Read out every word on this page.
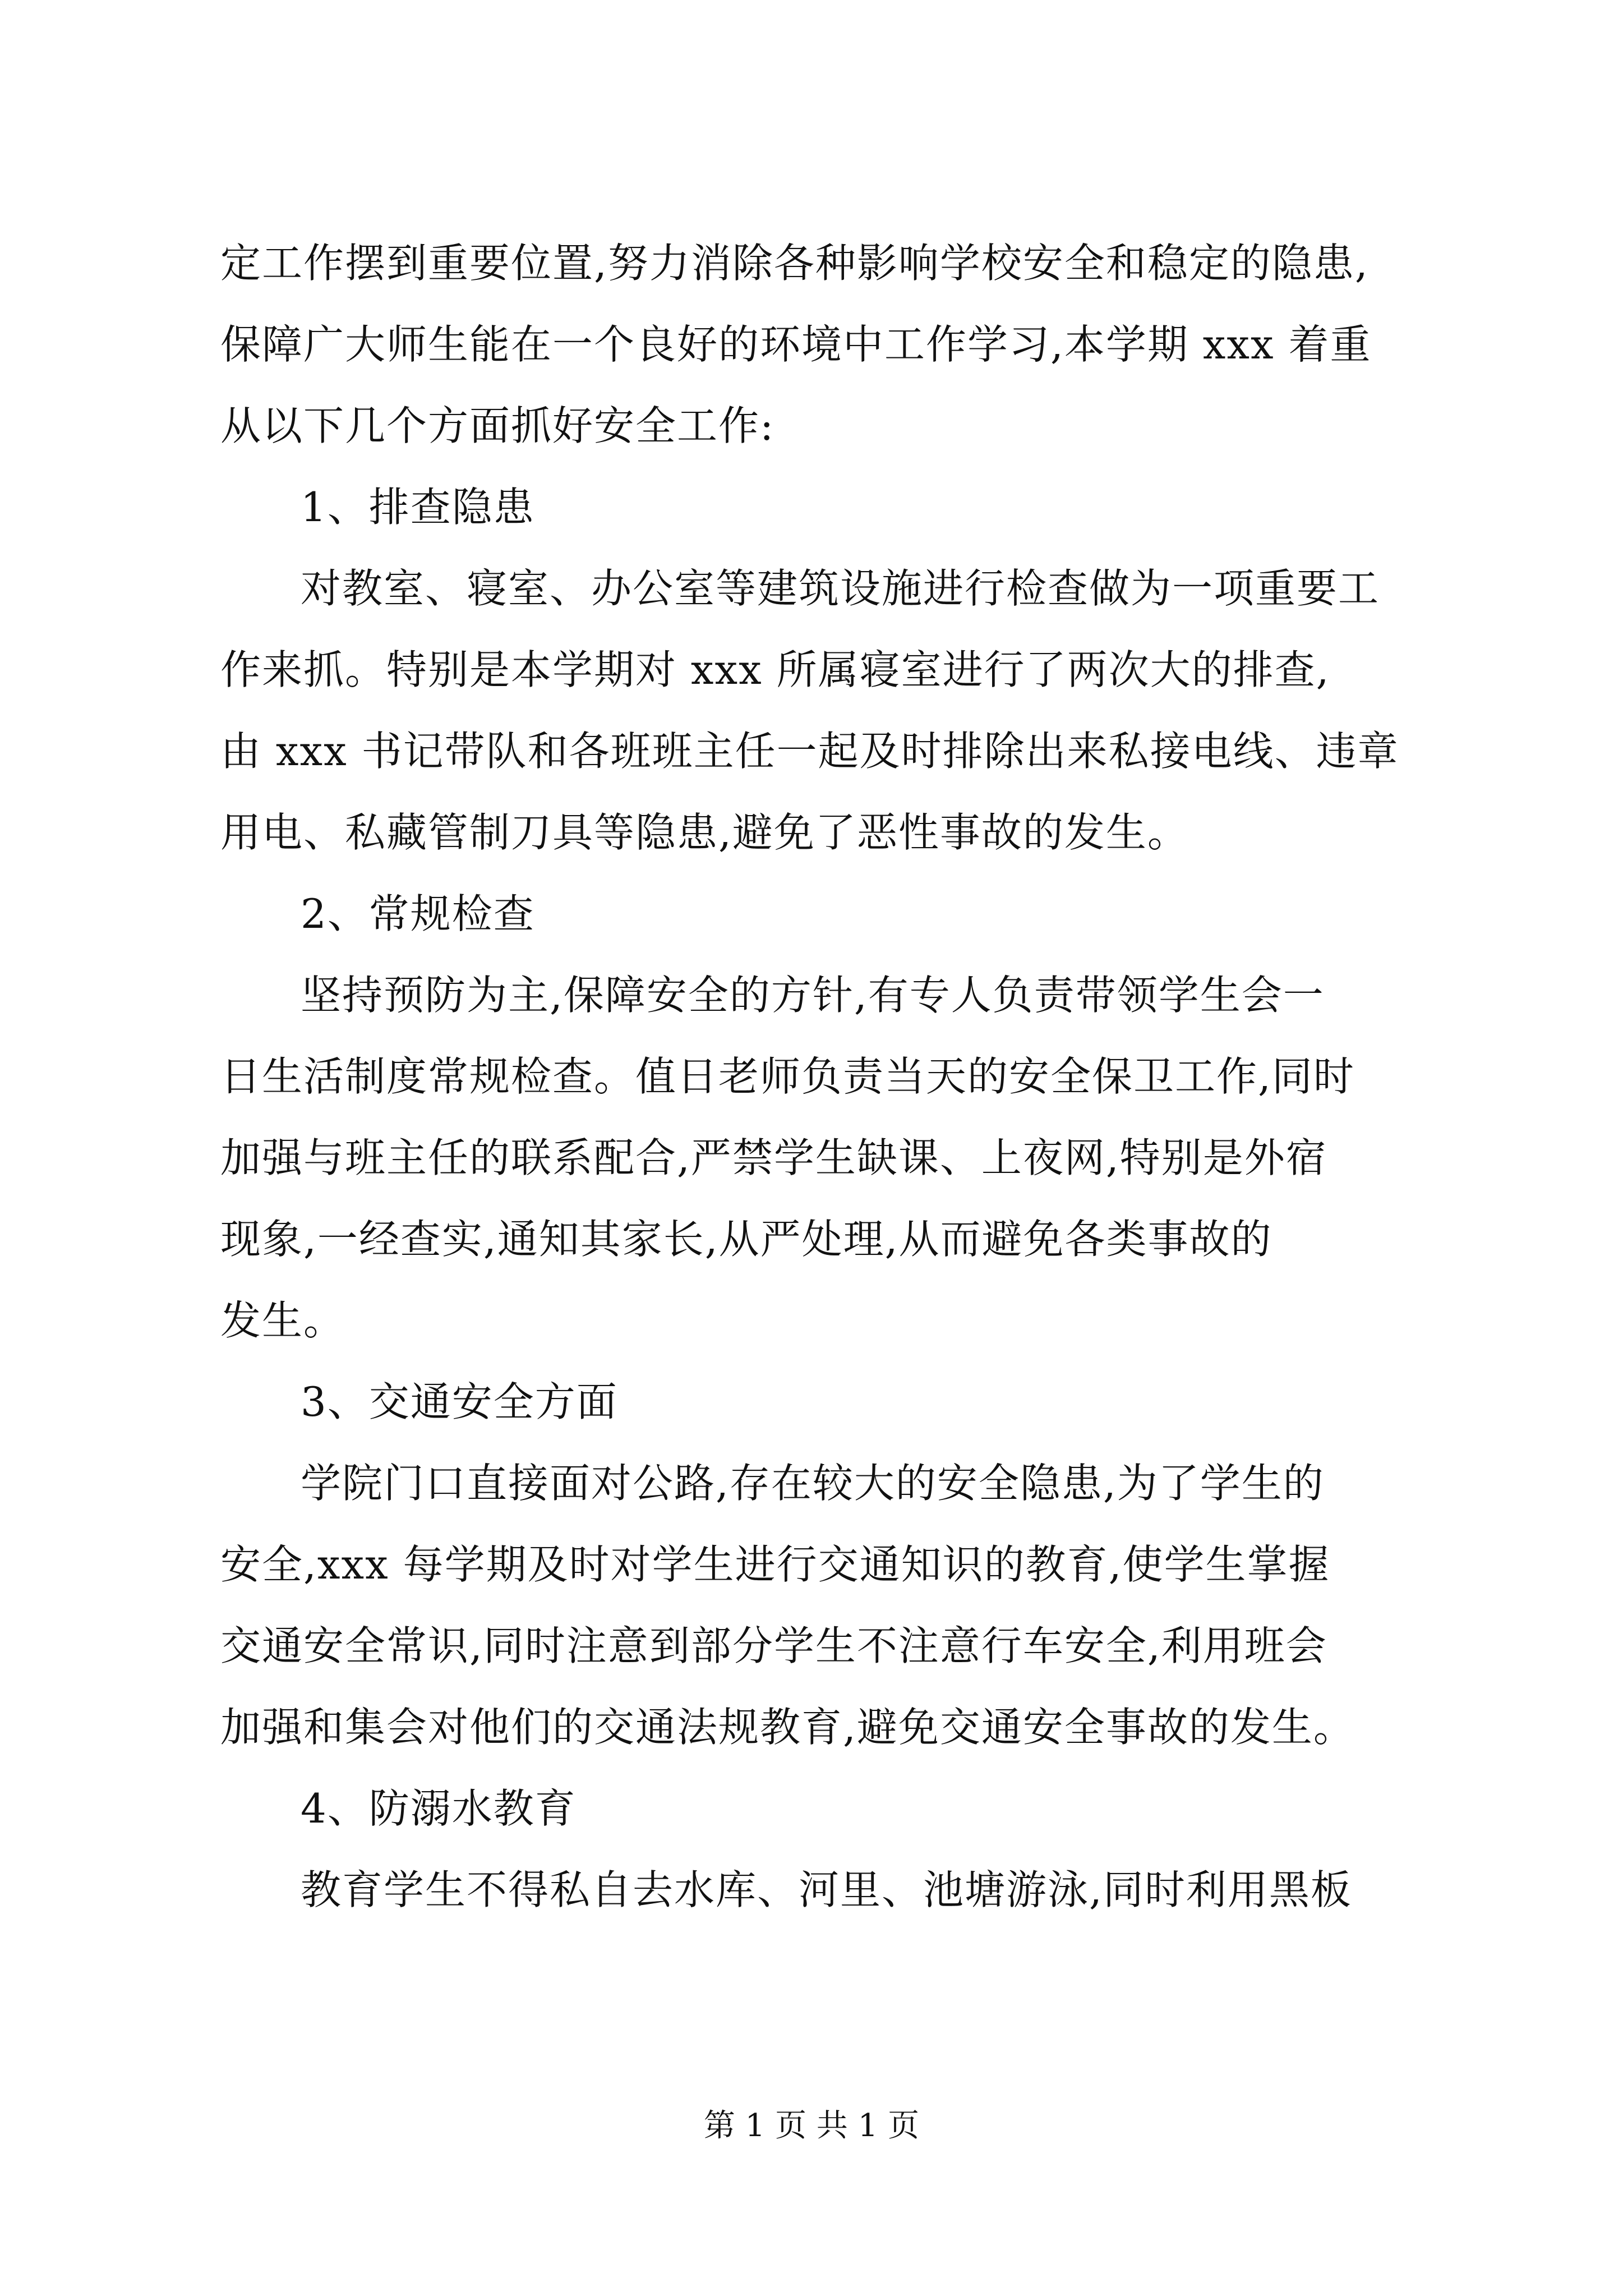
定工作摆到重要位置,努力消除各种影响学校安全和稳定的隐患,
保障广大师生能在一个良好的环境中工作学习,本学期 xxx 着重
从以下几个方面抓好安全工作:
1、排查隐患
对教室、寝室、办公室等建筑设施进行检查做为一项重要工
作来抓。特别是本学期对 xxx 所属寝室进行了两次大的排查,
由 xxx 书记带队和各班班主任一起及时排除出来私接电线、违章
用电、私藏管制刀具等隐患,避免了恶性事故的发生。
2、常规检查
坚持预防为主,保障安全的方针,有专人负责带领学生会一
日生活制度常规检查。值日老师负责当天的安全保卫工作,同时
加强与班主任的联系配合,严禁学生缺课、上夜网,特别是外宿
现象,一经查实,通知其家长,从严处理,从而避免各类事故的
发生。
3、交通安全方面
学院门口直接面对公路,存在较大的安全隐患,为了学生的
安全,xxx 每学期及时对学生进行交通知识的教育,使学生掌握
交通安全常识,同时注意到部分学生不注意行车安全,利用班会
加强和集会对他们的交通法规教育,避免交通安全事故的发生。
4、防溺水教育
教育学生不得私自去水库、河里、池塘游泳,同时利用黑板
第 1 页 共 1 页
